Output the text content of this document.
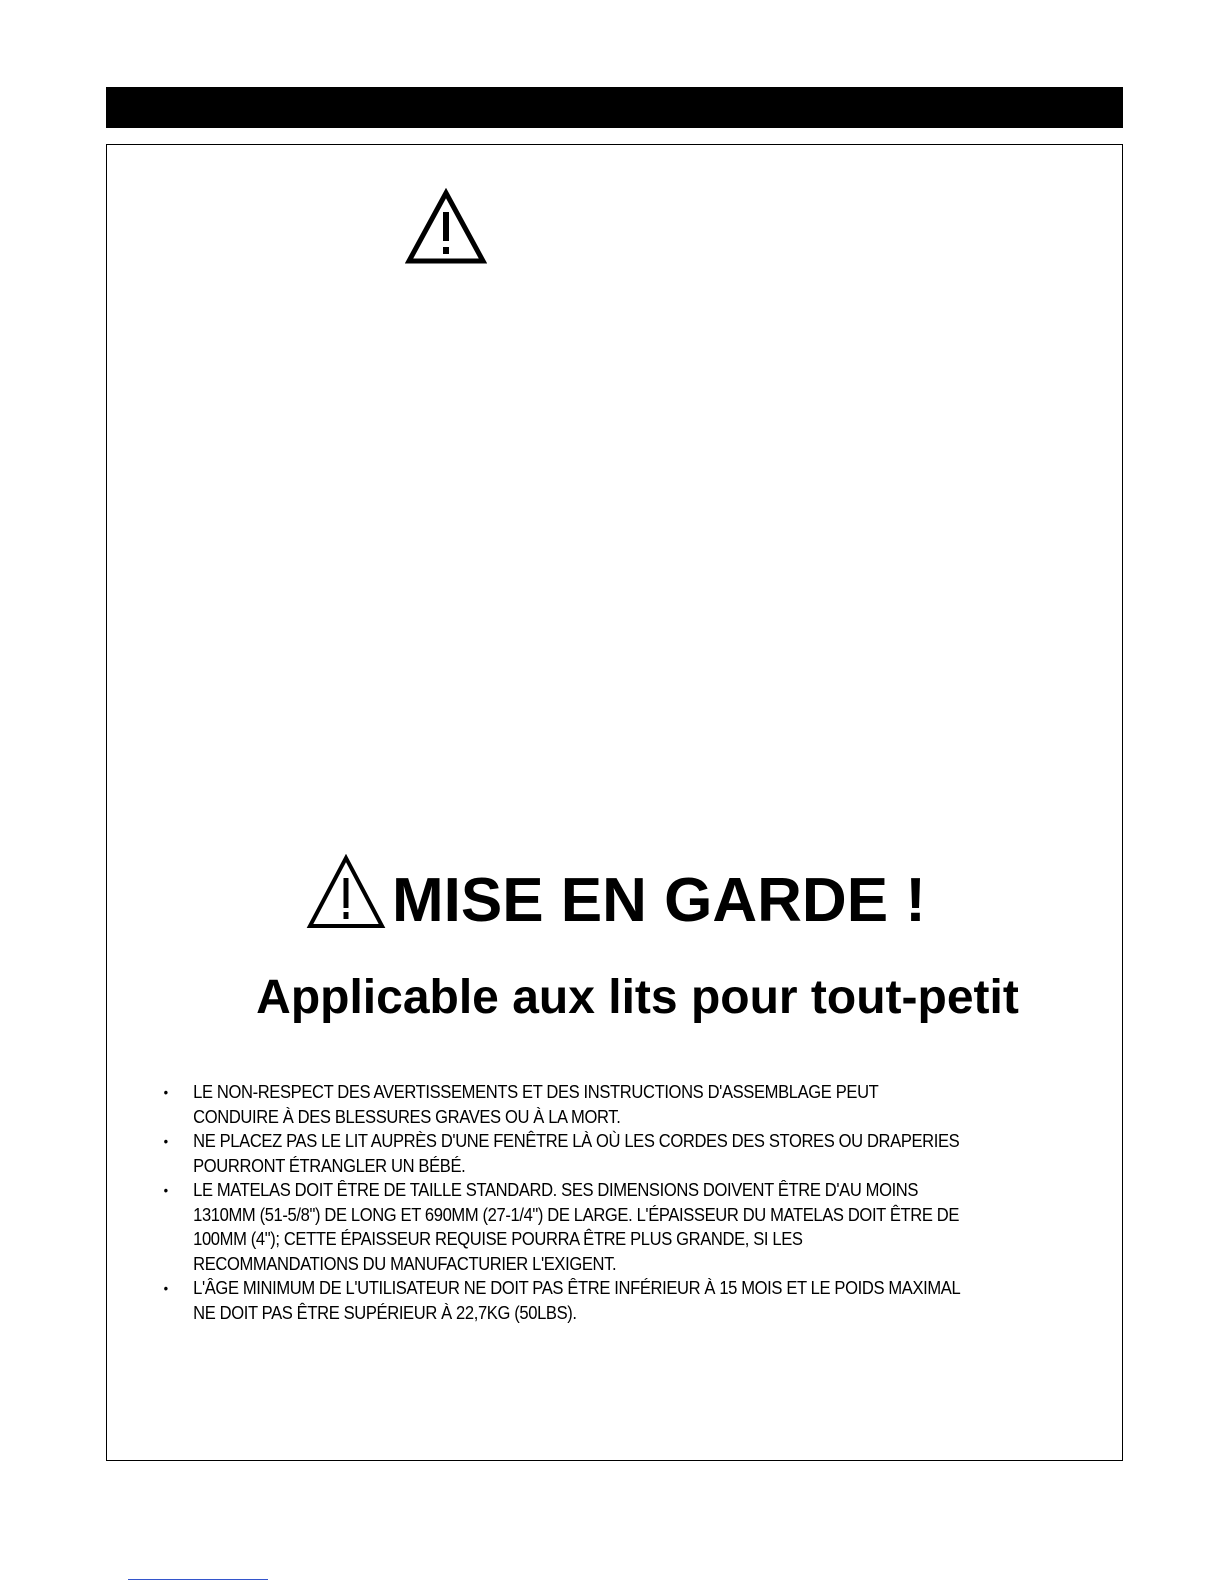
MISE EN GARDE !
Applicable aux lits pour tout-petit
• LE NON-RESPECT DES AVERTISSEMENTS ET DES INSTRUCTIONS D'ASSEMBLAGE PEUT
CONDUIRE À DES BLESSURES GRAVES OU À LA MORT.
• NE PLACEZ PAS LE LIT AUPRÈS D'UNE FENÊTRE LÀ OÙ LES CORDES DES STORES OU DRAPERIES
POURRONT ÉTRANGLER UN BÉBÉ.
• LE MATELAS DOIT ÊTRE DE TAILLE STANDARD. SES DIMENSIONS DOIVENT ÊTRE D'AU MOINS
1310MM (51-5/8") DE LONG ET 690MM (27-1/4") DE LARGE. L'ÉPAISSEUR DU MATELAS DOIT ÊTRE DE
100MM (4"); CETTE ÉPAISSEUR REQUISE POURRA ÊTRE PLUS GRANDE, SI LES
RECOMMANDATIONS DU MANUFACTURIER L'EXIGENT.
• L'ÂGE MINIMUM DE L'UTILISATEUR NE DOIT PAS ÊTRE INFÉRIEUR À 15 MOIS ET LE POIDS MAXIMAL
NE DOIT PAS ÊTRE SUPÉRIEUR À 22,7KG (50LBS).
